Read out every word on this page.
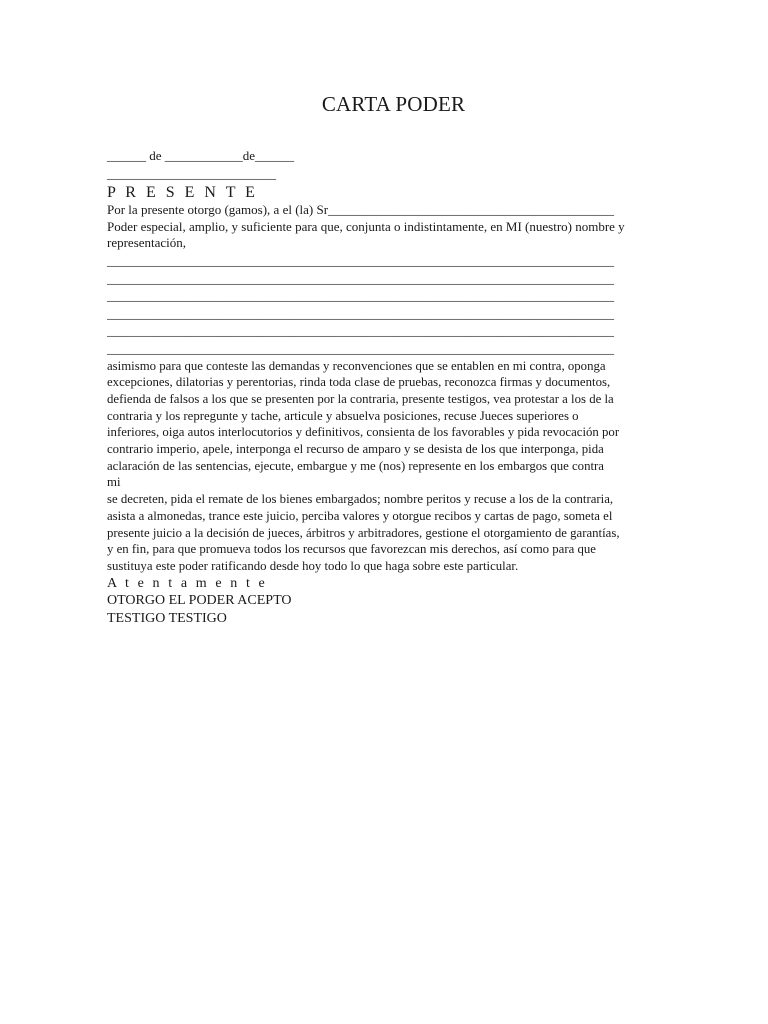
CARTA PODER
______ de ____________de______
__________________________
P R E S E N T E
Por la presente otorgo (gamos), a el (la) Sr____________________________________________
Poder especial, amplio, y suficiente para que, conjunta o indistintamente, en MI (nuestro) nombre y
representación,
______________________________________________________________________________
______________________________________________________________________________
______________________________________________________________________________
______________________________________________________________________________
______________________________________________________________________________
______________________________________________________________________________
asimismo para que conteste las demandas y reconvenciones que se entablen en mi contra, oponga
excepciones, dilatorias y perentorias, rinda toda clase de pruebas, reconozca firmas y documentos,
defienda de falsos a los que se presenten por la contraria, presente testigos, vea protestar a los de la
contraria y los repregunte y tache, articule y absuelva posiciones, recuse Jueces superiores o
inferiores, oiga autos interlocutorios y definitivos, consienta de los favorables y pida revocación por
contrario imperio, apele, interponga el recurso de amparo y se desista de los que interponga, pida
aclaración de las sentencias, ejecute, embargue y me (nos) represente en los embargos que contra
mi
se decreten, pida el remate de los bienes embargados; nombre peritos y recuse a los de la contraria,
asista a almonedas, trance este juicio, perciba valores y otorgue recibos y cartas de pago, someta el
presente juicio a la decisión de jueces, árbitros y arbitradores, gestione el otorgamiento de garantías,
y en fin, para que promueva todos los recursos que favorezcan mis derechos, así como para que
sustituya este poder ratificando desde hoy todo lo que haga sobre este particular.
A t e n t a m e n t e
OTORGO EL PODER ACEPTO
TESTIGO TESTIGO
